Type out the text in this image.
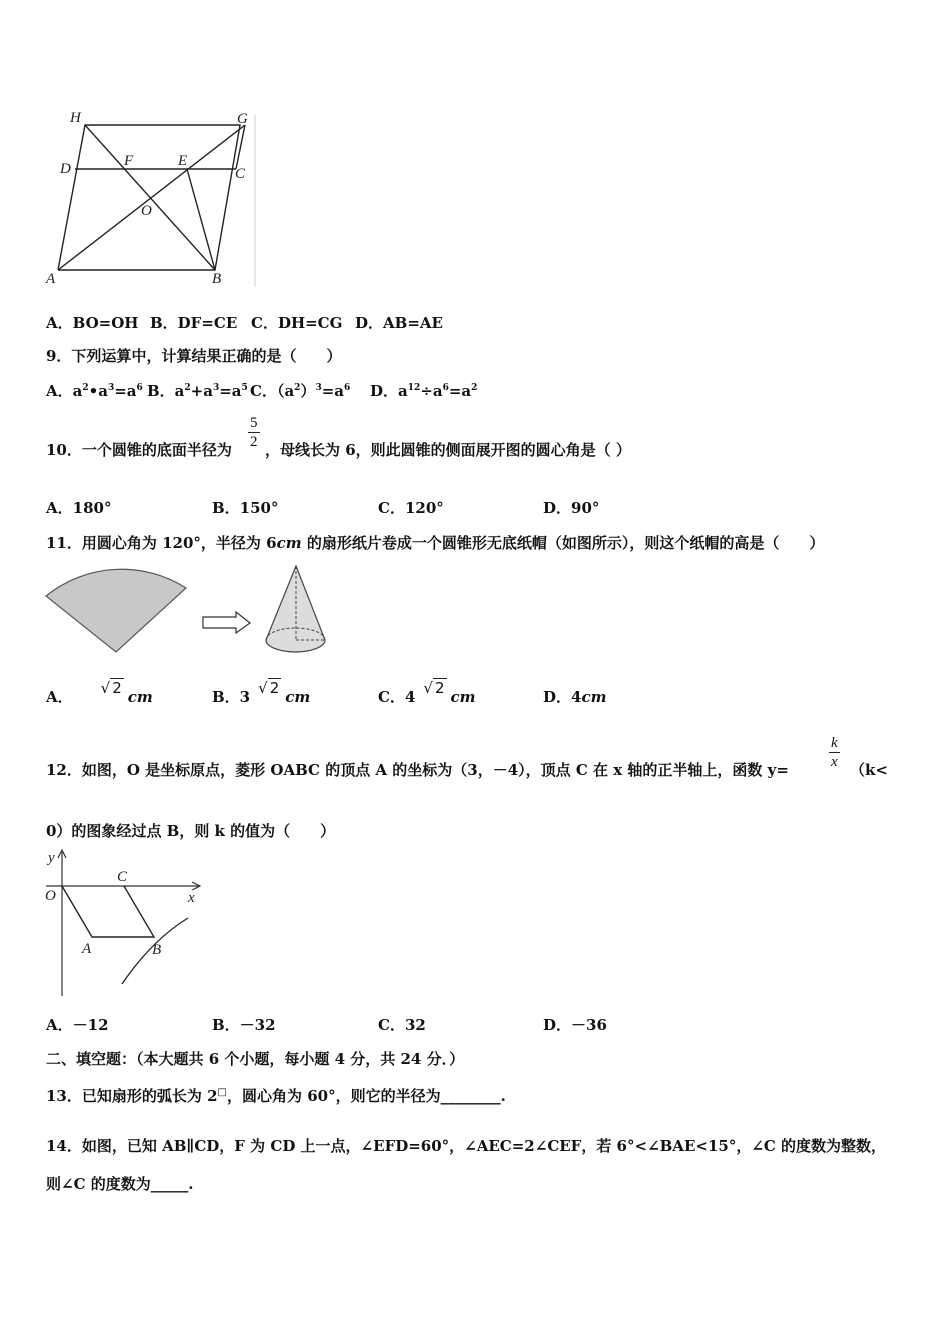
H	G
D	F	E
C
O
A	B
A．BO=OH B．DF=CE C．DH=CG D．AB=AE
9．下列运算中，计算结果正确的是（　　）
A．$a^2•a^3=a^6$ B．$a^2+a^3=a^5$ C．$(a^2)^3=a^6$ D．$a^{12}\div a^6=a^2$
10．一个圆锥的底面半径为 $\frac{5}{2}$ ，母线长为 6，则此圆锥的侧面展开图的圆心角是（ ）
A．180°	B．150°	C．120°	D．90°
11．用圆心角为 120°，半径为 6cm 的扇形纸片卷成一个圆锥形无底纸帽（如图所示），则这个纸帽的高是（　　）
A． √ 2 cm	B．3 √ 2 cm	C．4 √ 2 cm	D．4cm
12．如图，O 是坐标原点，菱形 OABC 的顶点 A 的坐标为（3，－4），顶点 C 在 x 轴的正半轴上，函数 y=	$\frac{k}{x} (k<$
0）的图象经过点 B，则 k 的值为（　　）
y
x
O
C
A	B
A．－12	B．－32	C．32	D．－36
二、填空题：（本大题共 6 个小题，每小题 4 分，共 24 分．）
13．已知扇形的弧长为 2□，圆心角为 60°，则它的半径为________.
14．如图，已知 AB∥CD，F 为 CD 上一点，∠EFD=60°，∠AEC=2∠CEF，若 6°<∠BAE<15°，∠C 的度数为整数，
则∠C 的度数为_____.
